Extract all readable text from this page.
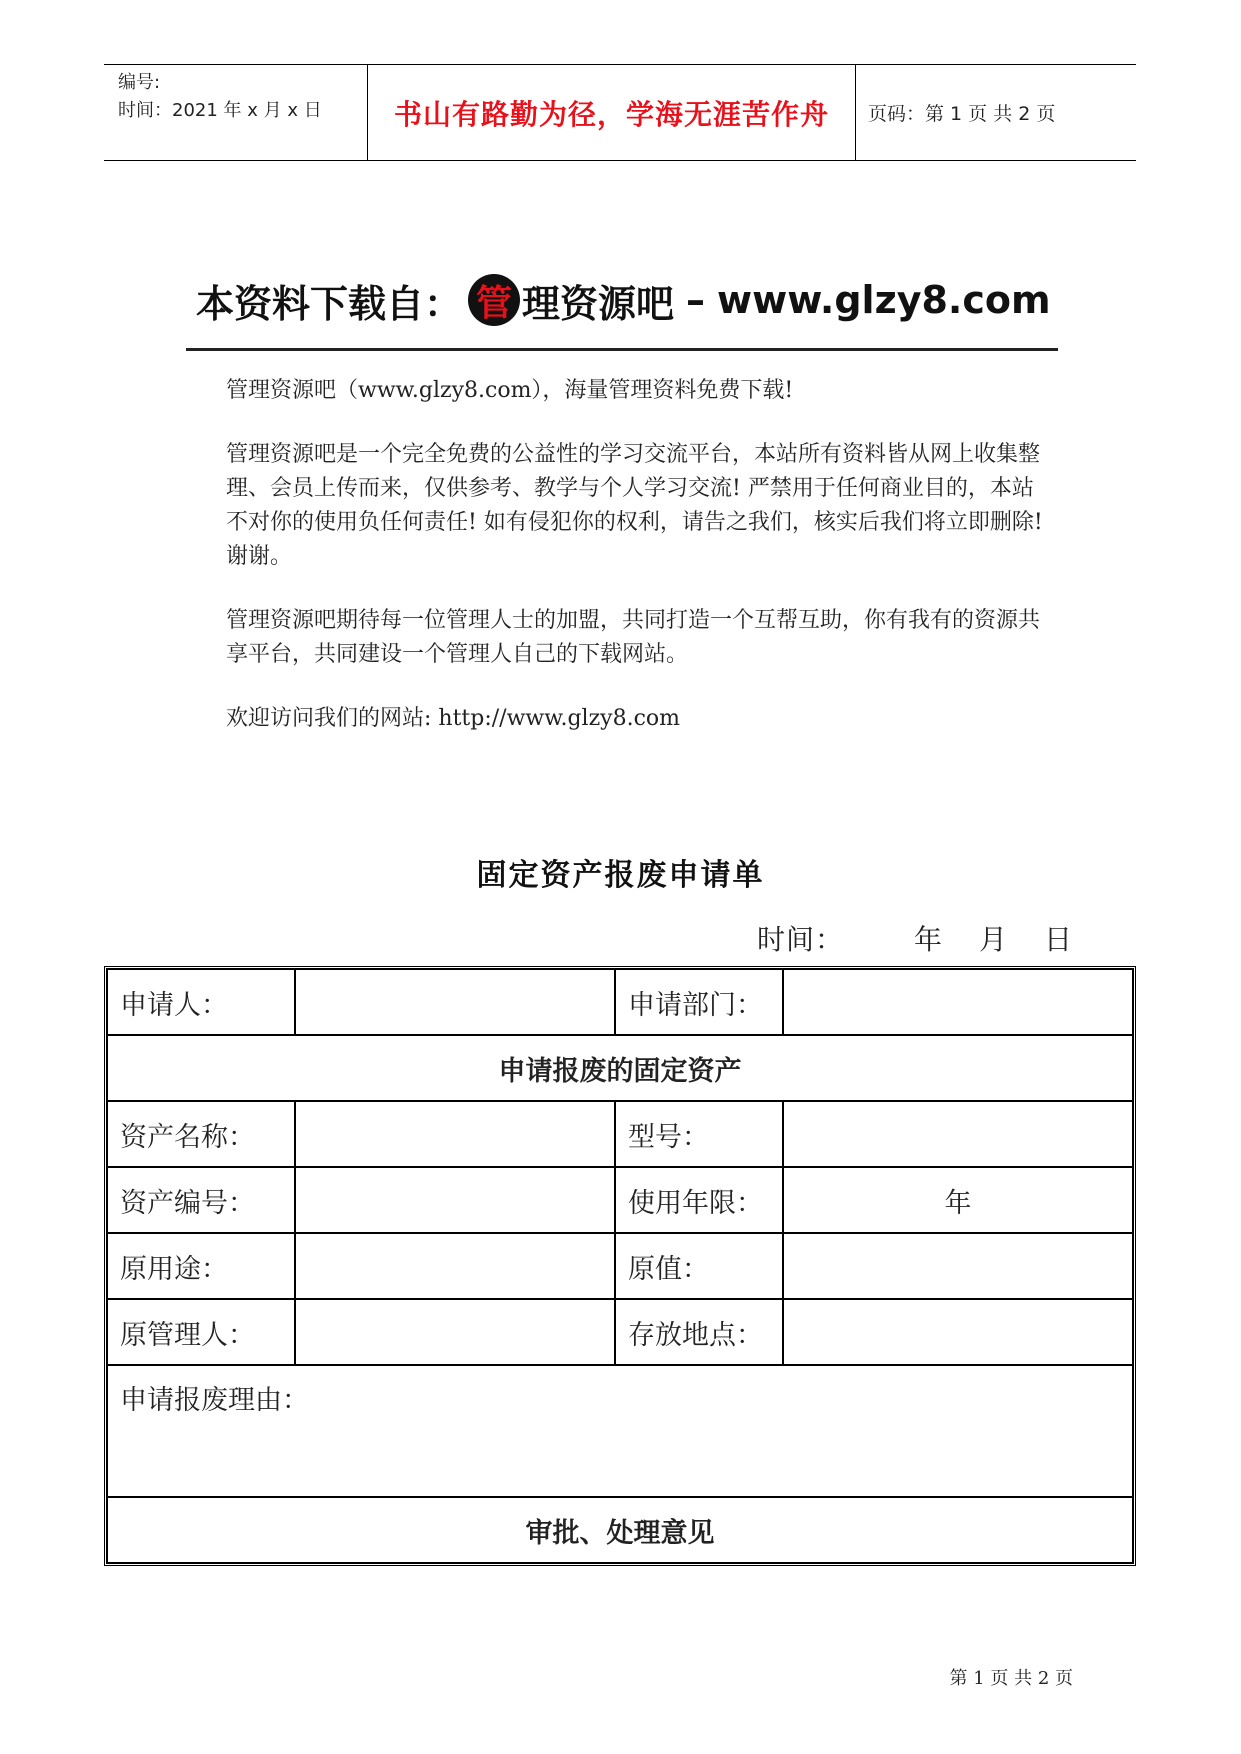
编号:
时间：2021 年 x 月 x 日	书山有路勤为径，学海无涯苦作舟	页码：第 1 页 共 2 页
本资料下载自： 管 理资源吧 – www.glzy8.com

管理资源吧（www.glzy8.com），海量管理资料免费下载!

管理资源吧是一个完全免费的公益性的学习交流平台，本站所有资料皆从网上收集整理、会员上传而来，仅供参考、教学与个人学习交流! 严禁用于任何商业目的，本站不对你的使用负任何责任! 如有侵犯你的权利，请告之我们，核实后我们将立即删除! 谢谢。

管理资源吧期待每一位管理人士的加盟，共同打造一个互帮互助，你有我有的资源共享平台，共同建设一个管理人自己的下载网站。

欢迎访问我们的网站: http://www.glzy8.com

固定资产报废申请单
时间：	年 月 日
申请人：		申请部门：	
申请报废的固定资产			
资产名称：		型号：	
资产编号：		使用年限：	年
原用途：		原值：	
原管理人：		存放地点：	
申请报废理由：			
审批、处理意见			
第 1 页 共 2 页
